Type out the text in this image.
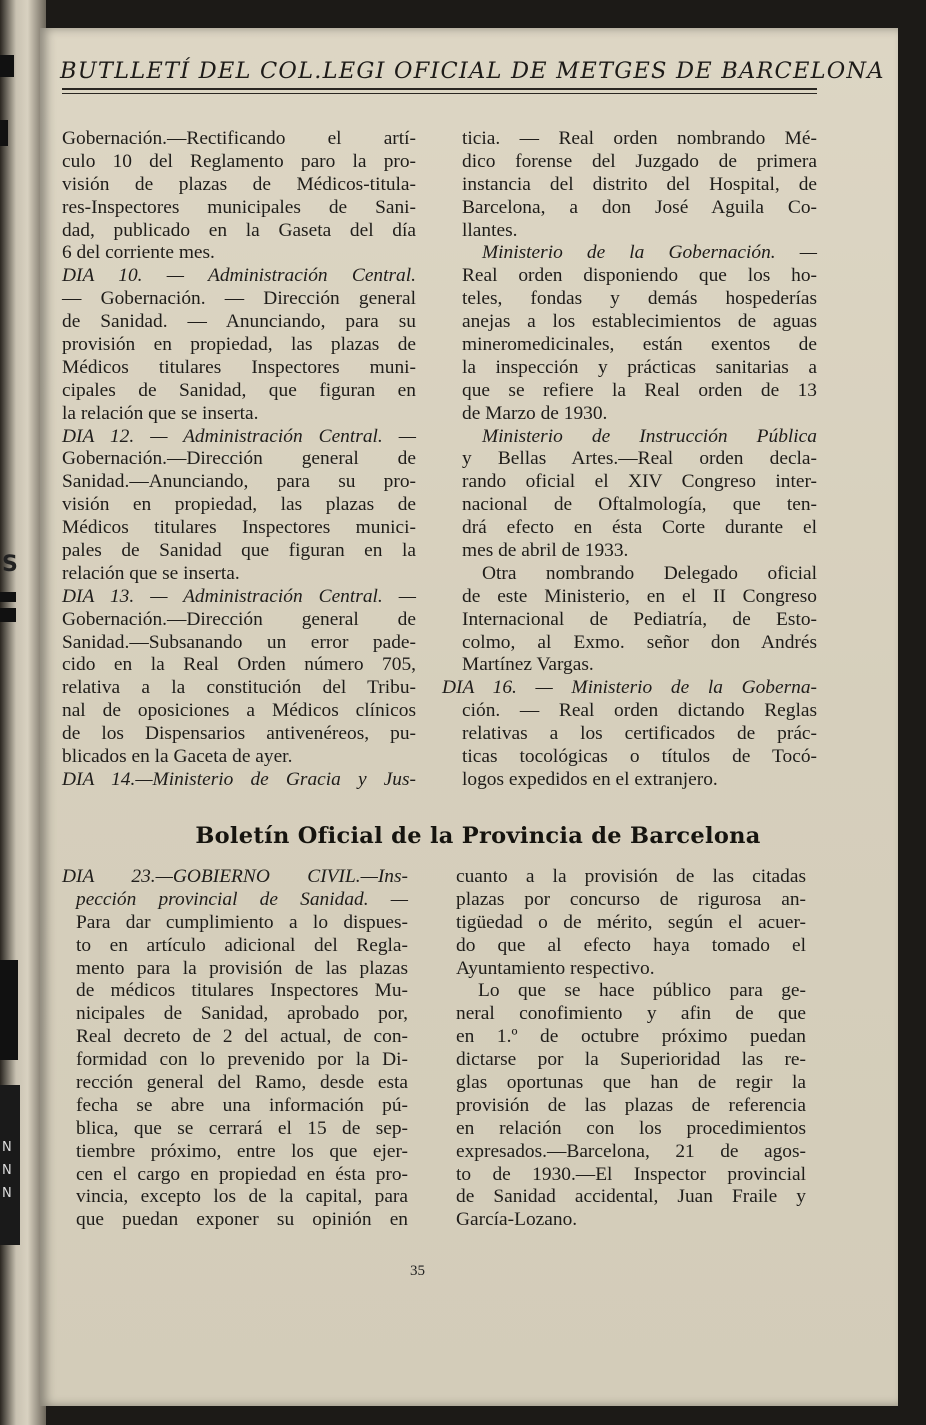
S
N
N
N
BUTLLETÍ DEL COL.LEGI OFICIAL DE METGES DE BARCELONA
Gobernación.—Rectificando el artí-
culo 10 del Reglamento paro la pro-
visión de plazas de Médicos-titula-
res-Inspectores municipales de Sani-
dad, publicado en la Gaseta del día
6 del corriente mes.
DIA 10. — Administración Central.
— Gobernación. — Dirección general
de Sanidad. — Anunciando, para su
provisión en propiedad, las plazas de
Médicos titulares Inspectores muni-
cipales de Sanidad, que figuran en
la relación que se inserta.
DIA 12. — Administración Central. —
Gobernación.—Dirección general de
Sanidad.—Anunciando, para su pro-
visión en propiedad, las plazas de
Médicos titulares Inspectores munici-
pales de Sanidad que figuran en la
relación que se inserta.
DIA 13. — Administración Central. —
Gobernación.—Dirección general de
Sanidad.—Subsanando un error pade-
cido en la Real Orden número 705,
relativa a la constitución del Tribu-
nal de oposiciones a Médicos clínicos
de los Dispensarios antivenéreos, pu-
blicados en la Gaceta de ayer.
DIA 14.—Ministerio de Gracia y Jus-
ticia. — Real orden nombrando Mé-
dico forense del Juzgado de primera
instancia del distrito del Hospital, de
Barcelona, a don José Aguila Co-
llantes.
Ministerio de la Gobernación. —
Real orden disponiendo que los ho-
teles, fondas y demás hospederías
anejas a los establecimientos de aguas
mineromedicinales, están exentos de
la inspección y prácticas sanitarias a
que se refiere la Real orden de 13
de Marzo de 1930.
Ministerio de Instrucción Pública
y Bellas Artes.—Real orden decla-
rando oficial el XIV Congreso inter-
nacional de Oftalmología, que ten-
drá efecto en ésta Corte durante el
mes de abril de 1933.
Otra nombrando Delegado oficial
de este Ministerio, en el II Congreso
Internacional de Pediatría, de Esto-
colmo, al Exmo. señor don Andrés
Martínez Vargas.
DIA 16. — Ministerio de la Goberna-
ción. — Real orden dictando Reglas
relativas a los certificados de prác-
ticas tocológicas o títulos de Tocó-
logos expedidos en el extranjero.
Boletín Oficial de la Provincia de Barcelona
DIA 23.—GOBIERNO CIVIL.—Ins-
pección provincial de Sanidad. —
Para dar cumplimiento a lo dispues-
to en artículo adicional del Regla-
mento para la provisión de las plazas
de médicos titulares Inspectores Mu-
nicipales de Sanidad, aprobado por,
Real decreto de 2 del actual, de con-
formidad con lo prevenido por la Di-
rección general del Ramo, desde esta
fecha se abre una información pú-
blica, que se cerrará el 15 de sep-
tiembre próximo, entre los que ejer-
cen el cargo en propiedad en ésta pro-
vincia, excepto los de la capital, para
que puedan exponer su opinión en
cuanto a la provisión de las citadas
plazas por concurso de rigurosa an-
tigüedad o de mérito, según el acuer-
do que al efecto haya tomado el
Ayuntamiento respectivo.
Lo que se hace público para ge-
neral conofimiento y afin de que
en 1.º de octubre próximo puedan
dictarse por la Superioridad las re-
glas oportunas que han de regir la
provisión de las plazas de referencia
en relación con los procedimientos
expresados.—Barcelona, 21 de agos-
to de 1930.—El Inspector provincial
de Sanidad accidental, Juan Fraile y
García-Lozano.
35
